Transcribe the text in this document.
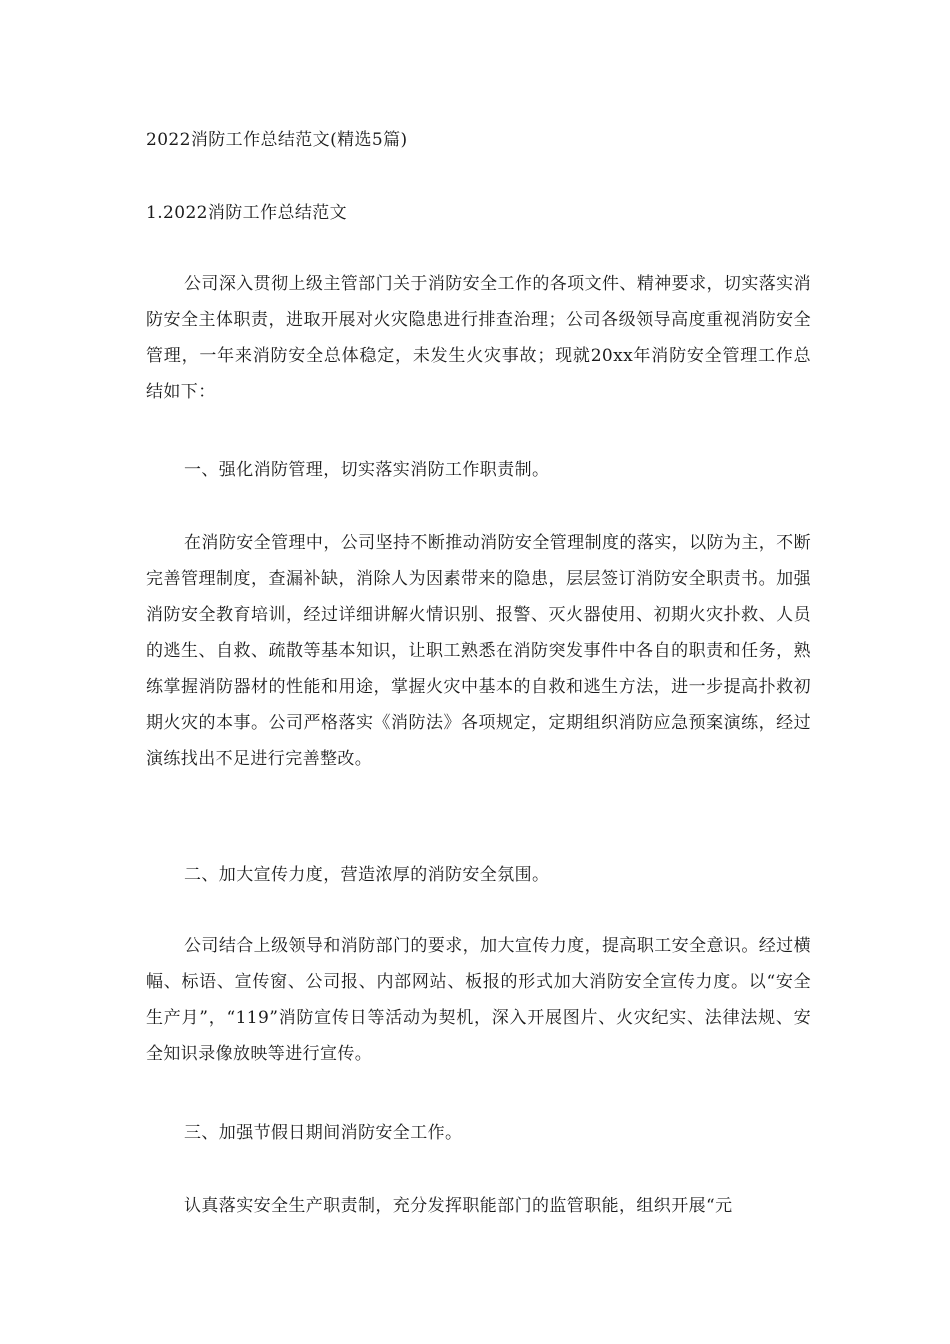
2022消防工作总结范文(精选5篇)
1.2022消防工作总结范文
公司深入贯彻上级主管部门关于消防安全工作的各项文件、精神要求，切实落实消防安全主体职责，进取开展对火灾隐患进行排查治理；公司各级领导高度重视消防安全管理，一年来消防安全总体稳定，未发生火灾事故；现就20xx年消防安全管理工作总结如下：
一、强化消防管理，切实落实消防工作职责制。
在消防安全管理中，公司坚持不断推动消防安全管理制度的落实，以防为主，不断完善管理制度，查漏补缺，消除人为因素带来的隐患，层层签订消防安全职责书。加强消防安全教育培训，经过详细讲解火情识别、报警、灭火器使用、初期火灾扑救、人员的逃生、自救、疏散等基本知识，让职工熟悉在消防突发事件中各自的职责和任务，熟练掌握消防器材的性能和用途，掌握火灾中基本的自救和逃生方法，进一步提高扑救初期火灾的本事。公司严格落实《消防法》各项规定，定期组织消防应急预案演练，经过演练找出不足进行完善整改。
二、加大宣传力度，营造浓厚的消防安全氛围。
公司结合上级领导和消防部门的要求，加大宣传力度，提高职工安全意识。经过横幅、标语、宣传窗、公司报、内部网站、板报的形式加大消防安全宣传力度。以“安全生产月”，“119”消防宣传日等活动为契机，深入开展图片、火灾纪实、法律法规、安全知识录像放映等进行宣传。
三、加强节假日期间消防安全工作。
认真落实安全生产职责制，充分发挥职能部门的监管职能，组织开展“元
